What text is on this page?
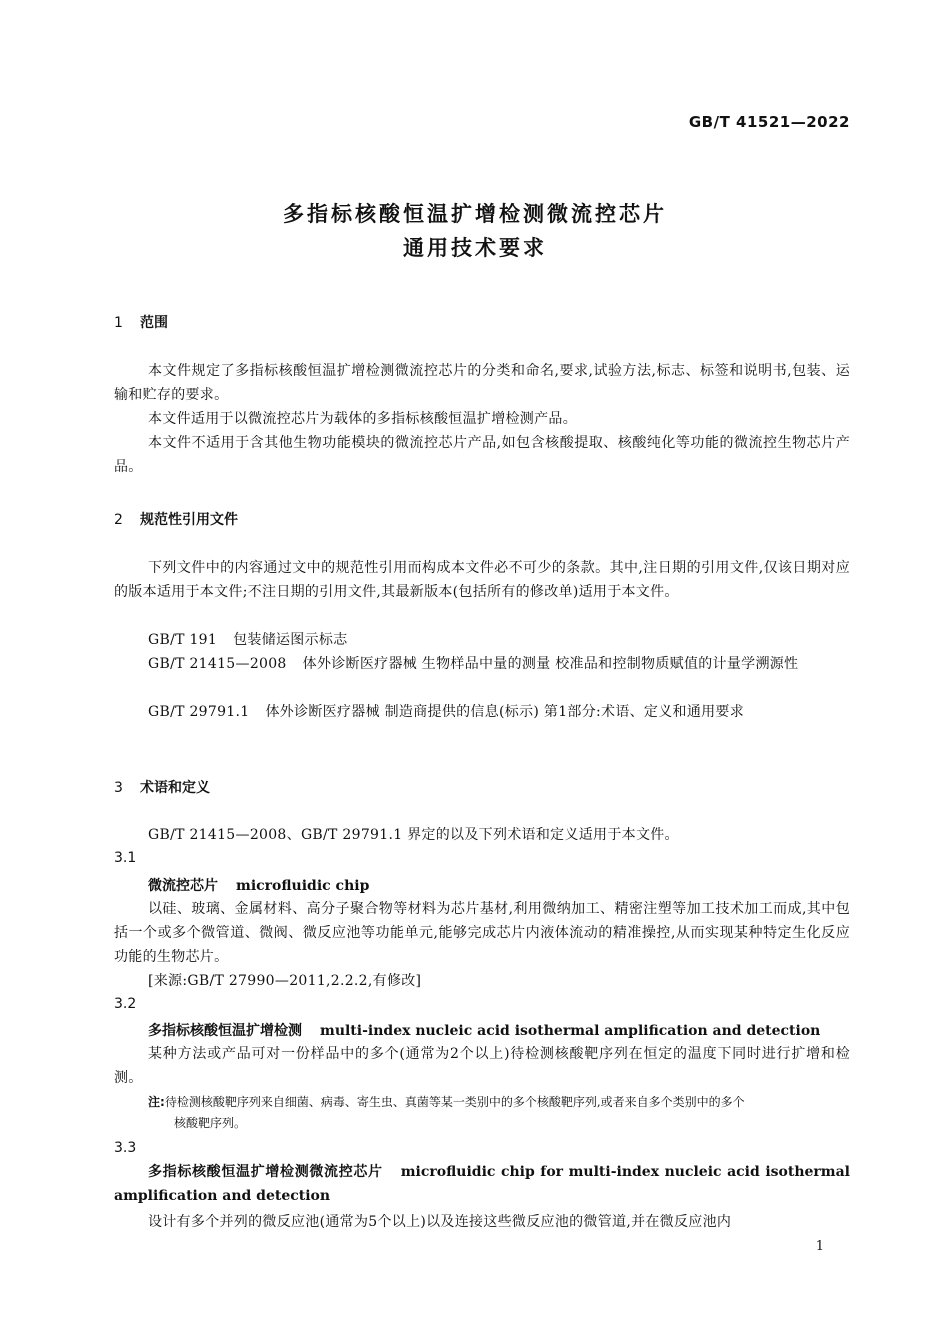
GB/T 41521—2022
多指标核酸恒温扩增检测微流控芯片
通用技术要求
1 范围
本文件规定了多指标核酸恒温扩增检测微流控芯片的分类和命名,要求,试验方法,标志、标签和说明书,包装、运输和贮存的要求。
本文件适用于以微流控芯片为载体的多指标核酸恒温扩增检测产品。
本文件不适用于含其他生物功能模块的微流控芯片产品,如包含核酸提取、核酸纯化等功能的微流控生物芯片产品。
2 规范性引用文件
下列文件中的内容通过文中的规范性引用而构成本文件必不可少的条款。其中,注日期的引用文件,仅该日期对应的版本适用于本文件;不注日期的引用文件,其最新版本(包括所有的修改单)适用于本文件。
GB/T 191 包装储运图示标志
GB/T 21415—2008 体外诊断医疗器械 生物样品中量的测量 校准品和控制物质赋值的计量学溯源性
GB/T 29791.1 体外诊断医疗器械 制造商提供的信息(标示) 第1部分:术语、定义和通用要求
3 术语和定义
GB/T 21415—2008、GB/T 29791.1 界定的以及下列术语和定义适用于本文件。
3.1
微流控芯片 microfluidic chip
以硅、玻璃、金属材料、高分子聚合物等材料为芯片基材,利用微纳加工、精密注塑等加工技术加工而成,其中包括一个或多个微管道、微阀、微反应池等功能单元,能够完成芯片内液体流动的精准操控,从而实现某种特定生化反应功能的生物芯片。
[来源:GB/T 27990—2011,2.2.2,有修改]
3.2
多指标核酸恒温扩增检测 multi-index nucleic acid isothermal amplification and detection
某种方法或产品可对一份样品中的多个(通常为2个以上)待检测核酸靶序列在恒定的温度下同时进行扩增和检测。
注:待检测核酸靶序列来自细菌、病毒、寄生虫、真菌等某一类别中的多个核酸靶序列,或者来自多个类别中的多个
核酸靶序列。
3.3
多指标核酸恒温扩增检测微流控芯片 microfluidic chip for multi-index nucleic acid isothermal amplification and detection
设计有多个并列的微反应池(通常为5个以上)以及连接这些微反应池的微管道,并在微反应池内
1
